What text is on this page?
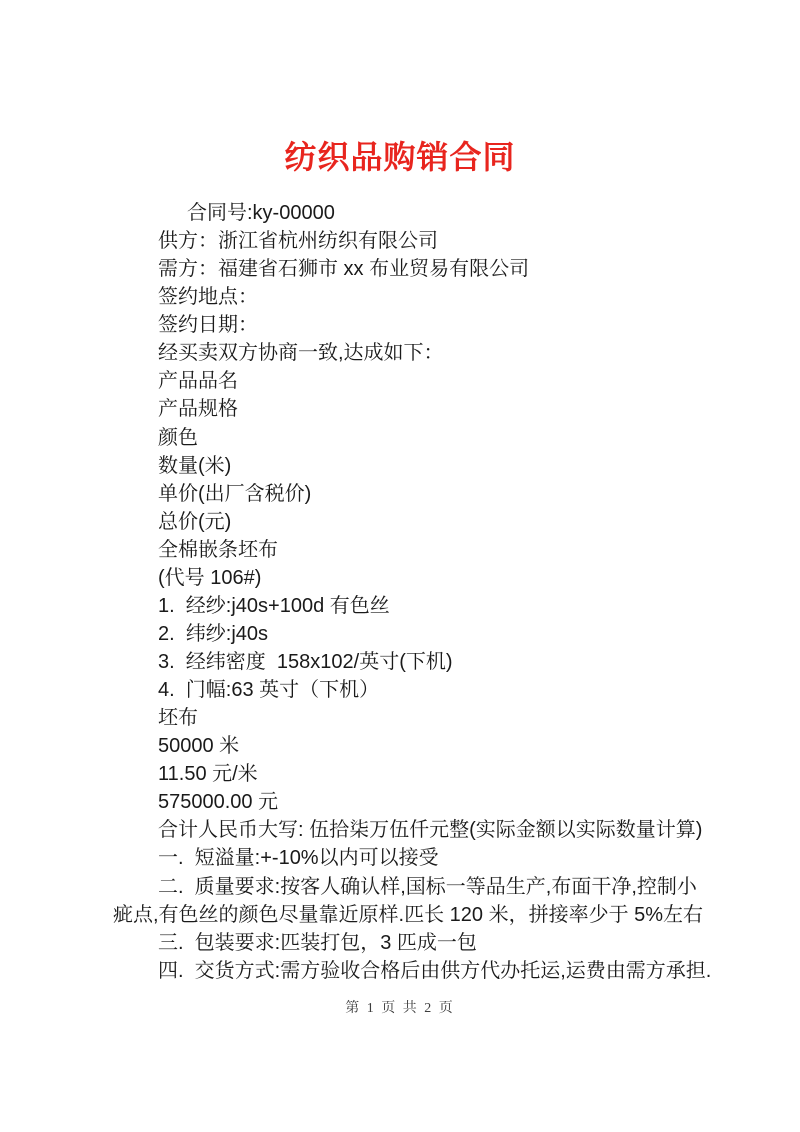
纺织品购销合同
合同号:ky-00000
供方：浙江省杭州纺织有限公司
需方：福建省石狮市 xx 布业贸易有限公司
签约地点：
签约日期：
经买卖双方协商一致,达成如下：
产品品名
产品规格
颜色
数量(米)
单价(出厂含税价)
总价(元)
全棉嵌条坯布
(代号 106#)
1.  经纱:j40s+100d 有色丝
2.  纬纱:j40s
3.  经纬密度  158x102/英寸(下机)
4.  门幅:63 英寸（下机）
坯布
50000 米
11.50 元/米
575000.00 元
合计人民币大写: 伍拾柒万伍仟元整(实际金额以实际数量计算)
一.  短溢量:+-10%以内可以接受
二.  质量要求:按客人确认样,国标一等品生产,布面干净,控制小
疵点,有色丝的颜色尽量靠近原样.匹长 120 米，拼接率少于 5%左右
三.  包装要求:匹装打包，3 匹成一包
四.  交货方式:需方验收合格后由供方代办托运,运费由需方承担.
第 1 页 共 2 页
